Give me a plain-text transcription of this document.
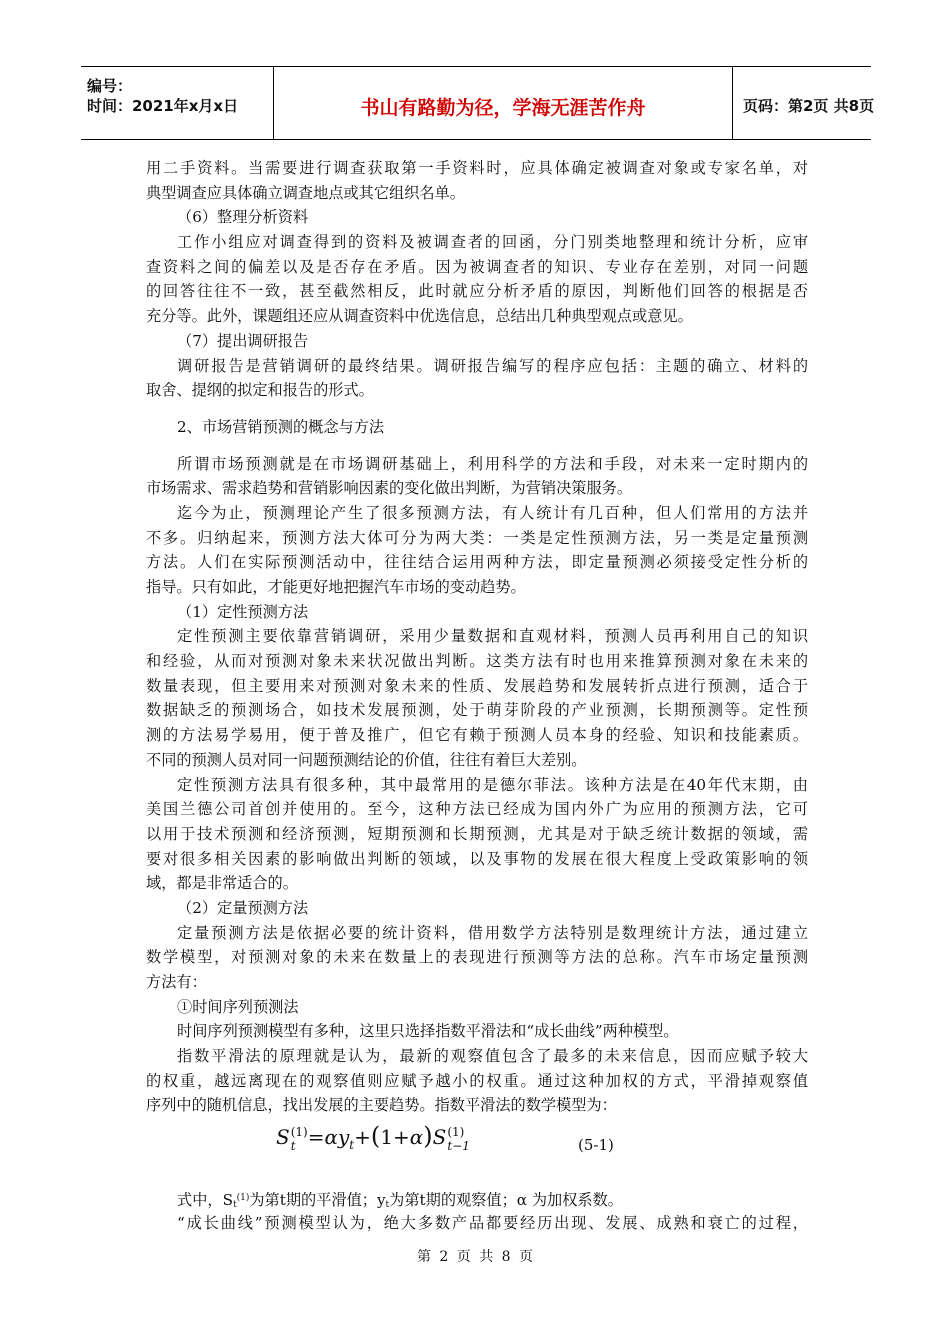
编号：
时间：2021年x月x日	书山有路勤为径，学海无涯苦作舟	页码：第2页 共8页
用二手资料。当需要进行调查获取第一手资料时，应具体确定被调查对象或专家名单，对
典型调查应具体确立调查地点或其它组织名单。
（6）整理分析资料
工作小组应对调查得到的资料及被调查者的回函，分门别类地整理和统计分析，应审
查资料之间的偏差以及是否存在矛盾。因为被调查者的知识、专业存在差别，对同一问题
的回答往往不一致，甚至截然相反，此时就应分析矛盾的原因，判断他们回答的根据是否
充分等。此外，课题组还应从调查资料中优选信息，总结出几种典型观点或意见。
（7）提出调研报告
调研报告是营销调研的最终结果。调研报告编写的程序应包括：主题的确立、材料的
取舍、提纲的拟定和报告的形式。
2、市场营销预测的概念与方法
所谓市场预测就是在市场调研基础上，利用科学的方法和手段，对未来一定时期内的
市场需求、需求趋势和营销影响因素的变化做出判断，为营销决策服务。
迄今为止，预测理论产生了很多预测方法，有人统计有几百种，但人们常用的方法并
不多。归纳起来，预测方法大体可分为两大类：一类是定性预测方法，另一类是定量预测
方法。人们在实际预测活动中，往往结合运用两种方法，即定量预测必须接受定性分析的
指导。只有如此，才能更好地把握汽车市场的变动趋势。
（1）定性预测方法
定性预测主要依靠营销调研，采用少量数据和直观材料，预测人员再利用自己的知识
和经验，从而对预测对象未来状况做出判断。这类方法有时也用来推算预测对象在未来的
数量表现，但主要用来对预测对象未来的性质、发展趋势和发展转折点进行预测，适合于
数据缺乏的预测场合，如技术发展预测，处于萌芽阶段的产业预测，长期预测等。定性预
测的方法易学易用，便于普及推广，但它有赖于预测人员本身的经验、知识和技能素质。
不同的预测人员对同一问题预测结论的价值，往往有着巨大差别。
定性预测方法具有很多种，其中最常用的是德尔菲法。该种方法是在40年代末期，由
美国兰德公司首创并使用的。至今，这种方法已经成为国内外广为应用的预测方法，它可
以用于技术预测和经济预测，短期预测和长期预测，尤其是对于缺乏统计数据的领域，需
要对很多相关因素的影响做出判断的领域，以及事物的发展在很大程度上受政策影响的领
域，都是非常适合的。
（2）定量预测方法
定量预测方法是依据必要的统计资料，借用数学方法特别是数理统计方法，通过建立
数学模型，对预测对象的未来在数量上的表现进行预测等方法的总称。汽车市场定量预测
方法有：
①时间序列预测法
时间序列预测模型有多种，这里只选择指数平滑法和“成长曲线”两种模型。
指数平滑法的原理就是认为，最新的观察值包含了最多的未来信息，因而应赋予较大
的权重，越远离现在的观察值则应赋予越小的权重。通过这种加权的方式，平滑掉观察值
序列中的随机信息，找出发展的主要趋势。指数平滑法的数学模型为：
S (1)
$t =\alpha y_t+(1+\alpha)S$ (1)
t−1	(5-1)
式中，St$^{(1)}$为第t期的平滑值；yt为第t期的观察值；α 为加权系数。
“成长曲线”预测模型认为，绝大多数产品都要经历出现、发展、成熟和衰亡的过程，
第 2 页 共 8 页
